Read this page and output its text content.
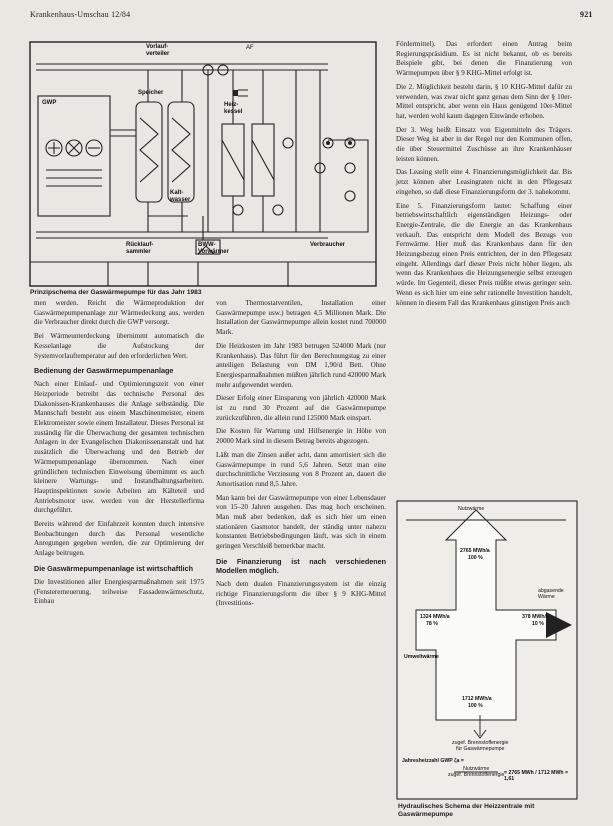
Krankenhaus-Umschau 12/84	921
Vorlauf-
verteiler
AF
GWP
Speicher
Heiz-
kessel
Kalt-
wasser
Rücklauf-
sammler
BWW-
Vorwärmer
Verbraucher
Prinzipschema der Gaswärmepumpe für das Jahr 1983

men werden. Reicht die Wärmeproduktion der Gaswärmepumpenanlage zur Wärmedeckung aus, werden die Verbraucher direkt durch die GWP versorgt.

Bei Wärmeunterdeckung übernimmt automatisch die Kesselanlage die Aufstockung der Systemvorlauftemperatur auf den erforderlichen Wert.

Bedienung der Gaswärmepumpenanlage

Nach einer Einlauf- und Optimierungszeit von einer Heizperiode betreibt das technische Personal des Diakonissen-Krankenhauses die Anlage selbständig. Die Mannschaft besteht aus einem Maschinenmeister, einem Elektromeister sowie einem Installateur. Dieses Personal ist zuständig für die Überwachung der gesamten technischen Anlagen in der Evangelischen Diakonissenanstalt und hat zusätzlich die Überwachung und den Betrieb der Wärmepumpenanlage übernommen. Nach einer gründlichen technischen Einweisung übernimmt es auch kleinere Wartungs- und Instandhaltungsarbeiten. Hauptinspektionen sowie Arbeiten am Kälteteil und Antriebsmotor usw. werden von der Herstellerfirma durchgeführt.

Bereits während der Einfahrzeit konnten durch intensive Beobachtungen durch das Personal wesentliche Anregungen gegeben werden, die zur Optimierung der Anlage beitrugen.

Die Gaswärmepumpenanlage ist wirtschaftlich

Die Investitionen aller Energiesparmaßnahmen seit 1975 (Fenstererneuerung, teilweise Fassadenwärmeschutz, Einbau

von Thermostatventilen, Installation einer Gaswärmepumpe usw.) betragen 4,5 Millionen Mark. Die Installation der Gaswärmepumpe allein kostet rund 700000 Mark.

Die Heizkosten im Jahr 1983 betrugen 524000 Mark (nur Krankenhaus). Das führt für den Berechnungstag zu einer anteiligen Belastung von DM 1,90/d Bett. Ohne Energiesparmaßnahmen müßten jährlich rund 420000 Mark mehr aufgewendet werden.

Dieser Erfolg einer Einsparung von jährlich 420000 Mark ist zu rund 30 Prozent auf die Gaswärmepumpe zurückzuführen, die allein rund 125000 Mark einspart.

Die Kosten für Wartung und Hilfsenergie in Höhe von 20000 Mark sind in diesem Betrag bereits abgezogen.

Läßt man die Zinsen außer acht, dann amortisiert sich die Gaswärmepumpe in rund 5,6 Jahren. Setzt man eine durchschnittliche Verzinsung von 8 Prozent an, dauert die Amortisation rund 8,5 Jahre.

Man kann bei der Gaswärmepumpe von einer Lebensdauer von 15–20 Jahren ausgehen. Das mag hoch erscheinen. Man muß aber bedenken, daß es sich hier um einen stationären Gasmotor handelt, der ständig unter nahezu konstanten Betriebsbedingungen läuft, was sich in einem geringen Verschleiß bemerkbar macht.

Die Finanzierung ist nach verschiedenen Modellen möglich.

Nach dem dualen Finanzierungssystem ist die einzig richtige Finanzierungsform die über § 9 KHG-Mittel (Investitions-

Fördermittel). Das erfordert einen Antrag beim Regierungspräsidium. Es ist nicht bekannt, ob es bereits Beispiele gibt, bei denen die Finanzierung von Wärmepumpen über § 9 KHG-Mittel erfolgt ist.

Die 2. Möglichkeit besteht darin, § 10 KHG-Mittel dafür zu verwenden, was zwar nicht ganz genau dem Sinn der § 10er-Mittel entspricht, aber wenn ein Haus genügend 10er-Mittel hat, werden wohl kaum dagegen Einwände erhoben.

Der 3. Weg heißt Einsatz von Eigenmitteln des Trägers. Dieser Weg ist aber in der Regel nur den Kommunen offen, die über Steuermittel Zuschüsse an ihre Krankenhäuser leisten können.

Das Leasing stellt eine 4. Finanzierungsmöglichkeit dar. Bis jetzt können aber Leasingraten nicht in den Pflegesatz eingehen, so daß diese Finanzierungsform der 3. nahekommt.

Eine 5. Finanzierungsform lautet: Schaffung einer betriebswirtschaftlich eigenständigen Heizungs- oder Energie-Zentrale, die die Energie an das Krankenhaus verkauft. Das entspricht dem Modell des Bezugs von Fernwärme. Hier muß das Krankenhaus dann für den Heizungsbezug einen Preis entrichten, der in den Pflegesatz eingeht. Allerdings darf dieser Preis nicht höher liegen, als wenn das Krankenhaus die Heizungsenergie selbst erzeugen würde. Im Gegenteil, dieser Preis müßte etwas geringer sein. Wenn es sich hier um eine sehr rationelle Investition handelt, können in diesem Fall das Krankenhaus günstigen Preis auch

Nutzwärme
2765 MWh/a
100 %
1324 MWh/a
78 %
Umweltwärme
abgasende
Wärme
378 MWh/a
10 %
1712 MWh/a
100 %
zugef. Brennstoffenergie
für Gaswärmepumpe
Jahresheizzahl GWP ζa =
Nutzwärme
zugef. Brennstoffenergie = 2765 MWh / 1712 MWh = 1,61
Hydraulisches Schema der Heizzentrale mit Gaswärmepumpe
